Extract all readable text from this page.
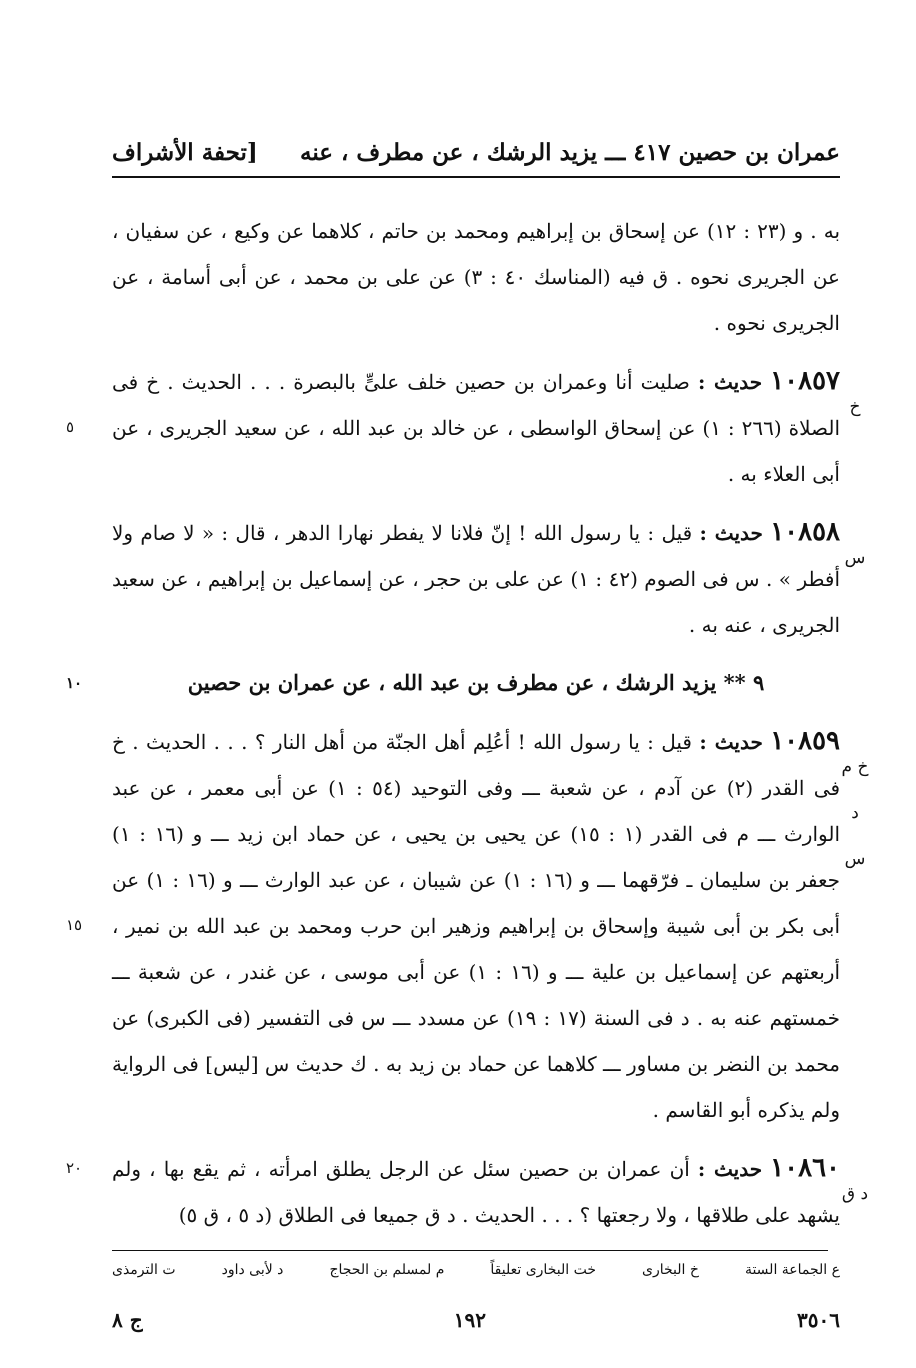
عمران بن حصين ٤١٧ ـــ يزيد الرشك ، عن مطرف ، عنه
[تحفة الأشراف

به . و (٢٣ : ١٢) عن إسحاق بن إبراهيم ومحمد بن حاتم ، كلاهما عن وكيع ، عن سفيان ، عن الجريرى نحوه . ق فيه (المناسك ٤٠ : ٣) عن على بن محمد ، عن أبى أسامة ، عن الجريرى نحوه .

خ
٥
١٠٨٥٧ حديث : صليت أنا وعمران بن حصين خلف علىٍّ بالبصرة . . . الحديث . خ فى الصلاة (٢٦٦ : ١) عن إسحاق الواسطى ، عن خالد بن عبد الله ، عن سعيد الجريرى ، عن أبى العلاء به .

س
١٠٨٥٨ حديث : قيل : يا رسول الله ! إنّ فلانا لا يفطر نهارا الدهر ، قال : « لا صام ولا أفطر » . س فى الصوم (٤٢ : ١) عن على بن حجر ، عن إسماعيل بن إبراهيم ، عن سعيد الجريرى ، عنه به .

١٠	٩ ** يزيد الرشك ، عن مطرف بن عبد الله ، عن عمران بن حصين

خ م د س
١٥
١٠٨٥٩ حديث : قيل : يا رسول الله ! أعُلِم أهل الجنّة من أهل النار ؟ . . . الحديث . خ فى القدر (٢) عن آدم ، عن شعبة ـــ وفى التوحيد (٥٤ : ١) عن أبى معمر ، عن عبد الوارث ـــ م فى القدر (١ : ١٥) عن يحيى بن يحيى ، عن حماد ابن زيد ـــ و (١٦ : ١) جعفر بن سليمان ـ فرّقهما ـــ و (١٦ : ١) عن شيبان ، عن عبد الوارث ـــ و (١٦ : ١) عن أبى بكر بن أبى شيبة وإسحاق بن إبراهيم وزهير ابن حرب ومحمد بن عبد الله بن نمير ، أربعتهم عن إسماعيل بن علية ـــ و (١٦ : ١) عن أبى موسى ، عن غندر ، عن شعبة ـــ خمستهم عنه به . د فى السنة (١٧ : ١٩) عن مسدد ـــ س فى التفسير (فى الكبرى) عن محمد بن النضر بن مساور ـــ كلاهما عن حماد بن زيد به . ك حديث س [ليس] فى الرواية ولم يذكره أبو القاسم .

د ق
٢٠	١٠٨٦٠ حديث : أن عمران بن حصين سئل عن الرجل يطلق امرأته ، ثم يقع بها ، ولم يشهد على طلاقها ، ولا رجعتها ؟ . . . الحديث . د ق جميعا فى الطلاق (د ٥ ، ق ٥)

ع الجماعة الستة
خ البخارى
خت البخارى تعليقاً
م لمسلم بن الحجاج
د لأبى داود
ت الترمذى
٣٥٠٦
١٩٢
ج ٨
